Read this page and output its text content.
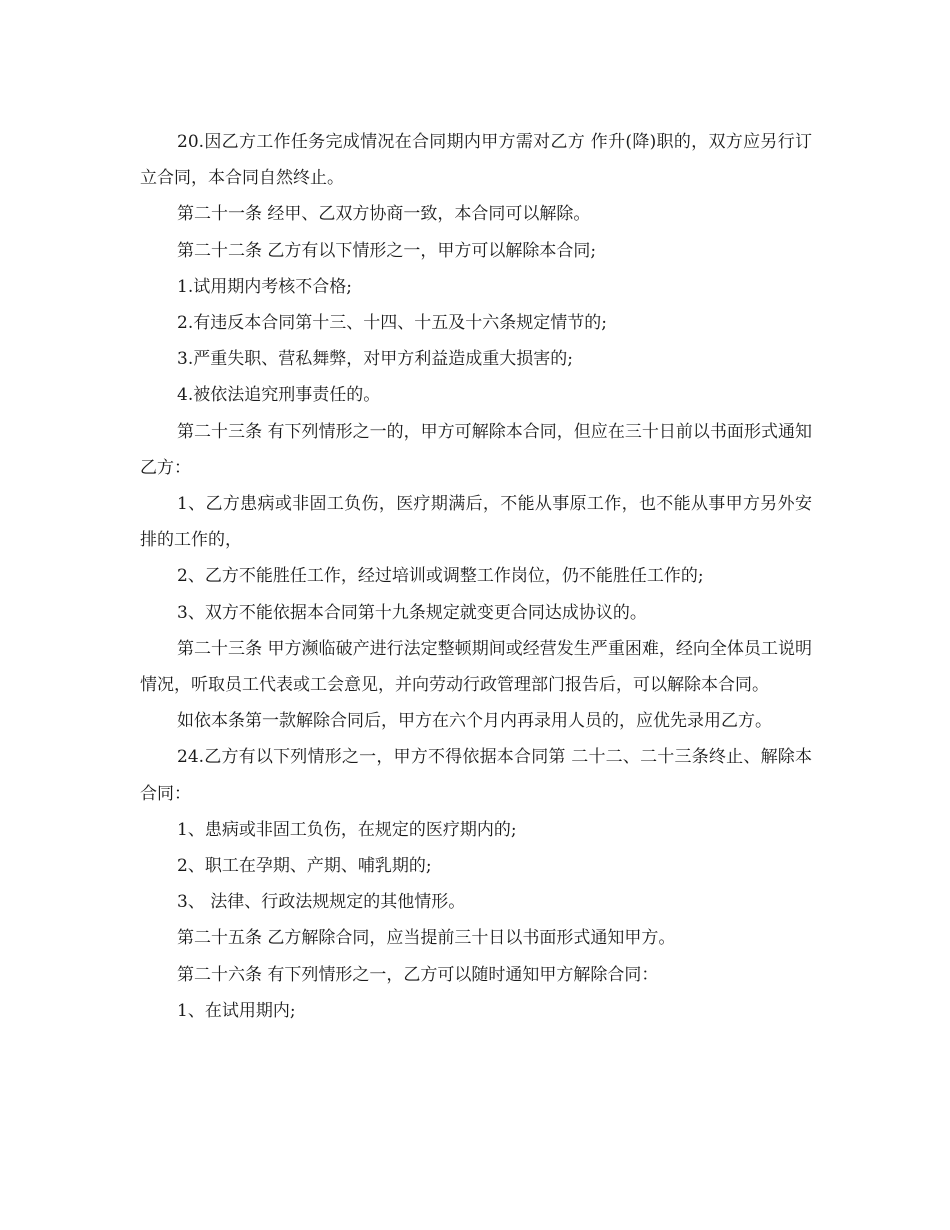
20.因乙方工作任务完成情况在合同期内甲方需对乙方 作升(降)职的，双方应另行订立合同，本合同自然终止。

第二十一条 经甲、乙双方协商一致，本合同可以解除。

第二十二条 乙方有以下情形之一，甲方可以解除本合同;

1.试用期内考核不合格;

2.有违反本合同第十三、十四、十五及十六条规定情节的;

3.严重失职、营私舞弊，对甲方利益造成重大损害的;

4.被依法追究刑事责任的。

第二十三条 有下列情形之一的，甲方可解除本合同，但应在三十日前以书面形式通知乙方：

1、乙方患病或非固工负伤，医疗期满后，不能从事原工作，也不能从事甲方另外安排的工作的，

2、乙方不能胜任工作，经过培训或调整工作岗位，仍不能胜任工作的;

3、双方不能依据本合同第十九条规定就变更合同达成协议的。

第二十三条 甲方濒临破产进行法定整顿期间或经营发生严重困难，经向全体员工说明情况，听取员工代表或工会意见，并向劳动行政管理部门报告后，可以解除本合同。

如依本条第一款解除合同后，甲方在六个月内再录用人员的，应优先录用乙方。

24.乙方有以下列情形之一，甲方不得依据本合同第 二十二、二十三条终止、解除本合同：

1、患病或非固工负伤，在规定的医疗期内的;

2、职工在孕期、产期、哺乳期的;

3、 法律、行政法规规定的其他情形。

第二十五条 乙方解除合同，应当提前三十日以书面形式通知甲方。

第二十六条 有下列情形之一，乙方可以随时通知甲方解除合同：

1、在试用期内;
